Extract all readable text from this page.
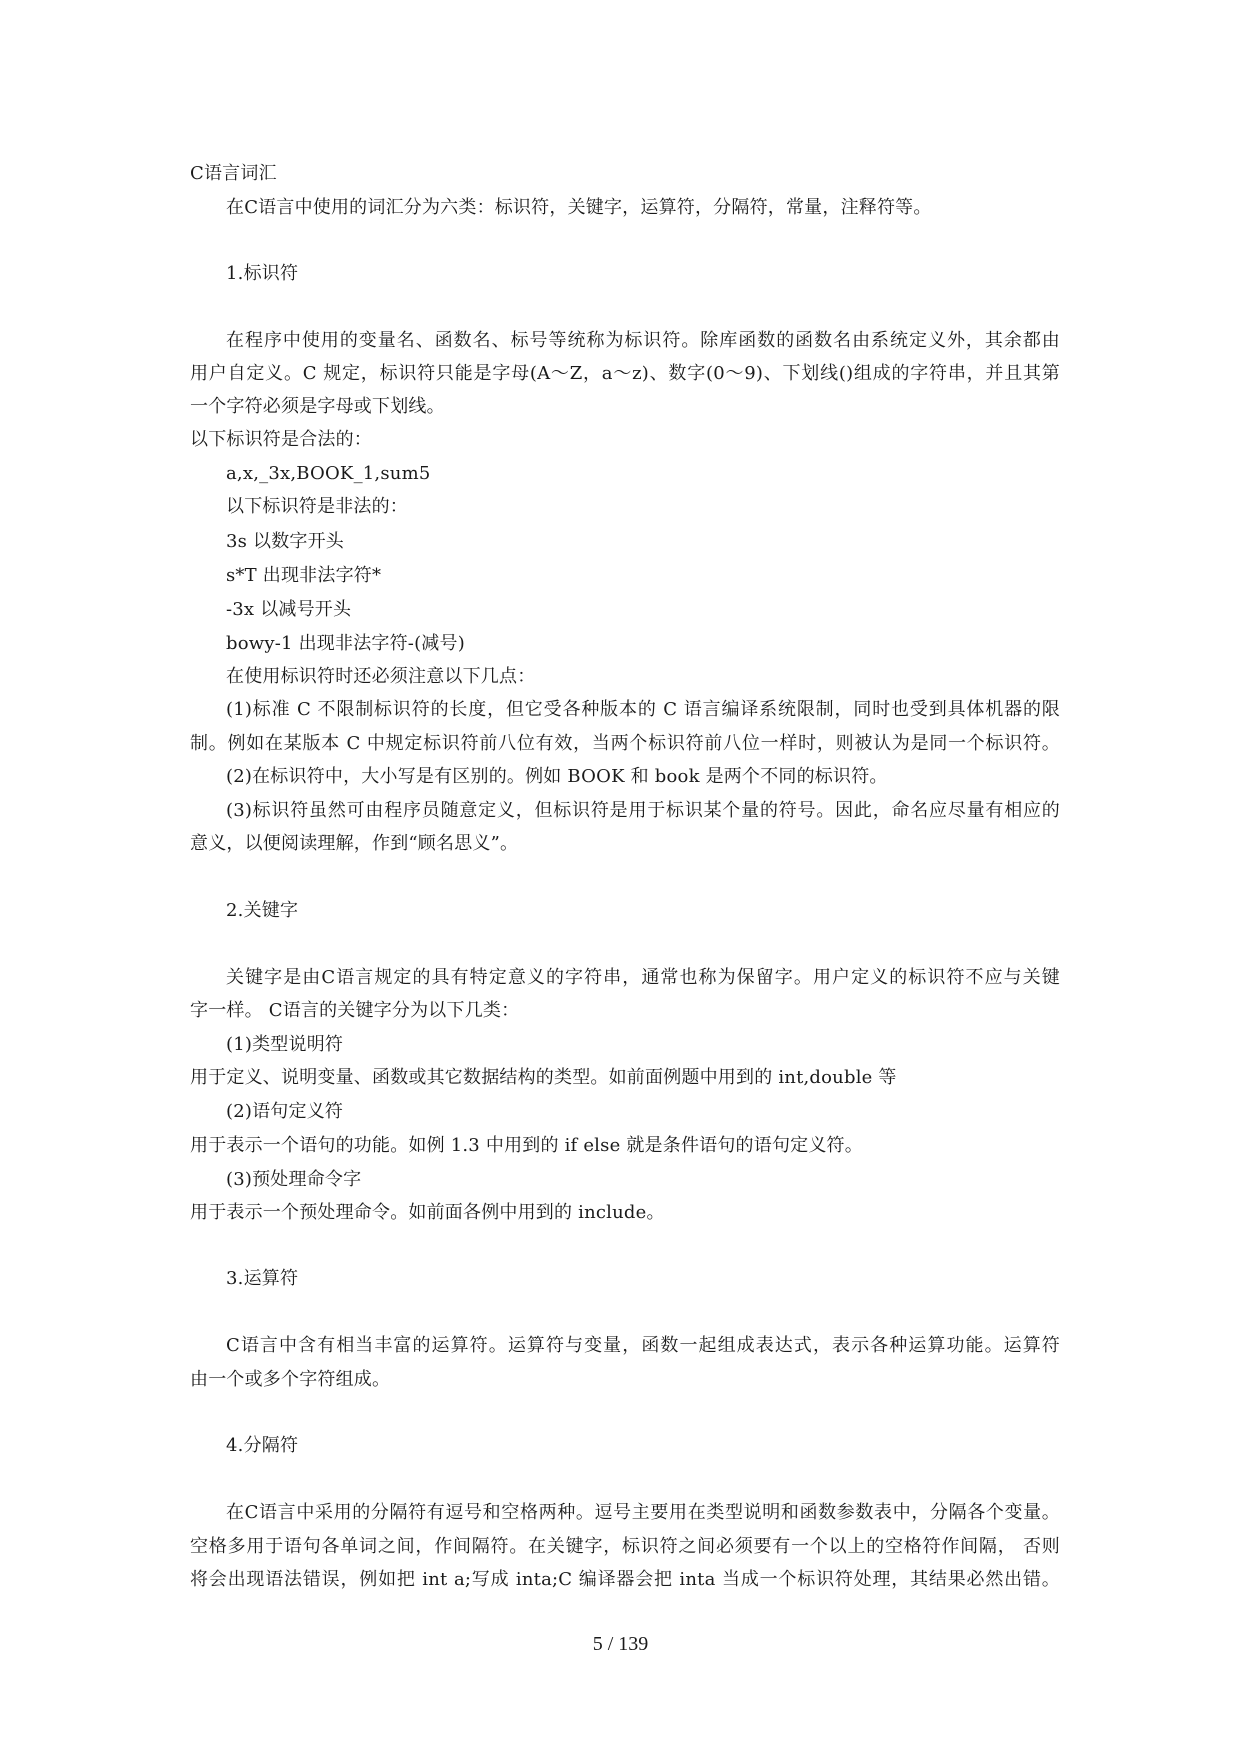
C语言词汇
在C语言中使用的词汇分为六类：标识符，关键字，运算符，分隔符，常量，注释符等。
1.标识符
在程序中使用的变量名、函数名、标号等统称为标识符。除库函数的函数名由系统定义外，其余都由
用户自定义。C 规定，标识符只能是字母(A～Z，a～z)、数字(0～9)、下划线()组成的字符串，并且其第
一个字符必须是字母或下划线。
以下标识符是合法的：
a,x,_3x,BOOK_1,sum5
以下标识符是非法的：
3s 以数字开头
s*T 出现非法字符*
-3x 以减号开头
bowy-1 出现非法字符-(减号)
在使用标识符时还必须注意以下几点：
(1)标准 C 不限制标识符的长度，但它受各种版本的 C 语言编译系统限制，同时也受到具体机器的限
制。例如在某版本 C 中规定标识符前八位有效，当两个标识符前八位一样时，则被认为是同一个标识符。
(2)在标识符中，大小写是有区别的。例如 BOOK 和 book 是两个不同的标识符。
(3)标识符虽然可由程序员随意定义，但标识符是用于标识某个量的符号。因此，命名应尽量有相应的
意义，以便阅读理解，作到“顾名思义”。
2.关键字
关键字是由C语言规定的具有特定意义的字符串，通常也称为保留字。用户定义的标识符不应与关键
字一样。 C语言的关键字分为以下几类：
(1)类型说明符
用于定义、说明变量、函数或其它数据结构的类型。如前面例题中用到的 int,double 等
(2)语句定义符
用于表示一个语句的功能。如例 1.3 中用到的 if else 就是条件语句的语句定义符。
(3)预处理命令字
用于表示一个预处理命令。如前面各例中用到的 include。
3.运算符
C语言中含有相当丰富的运算符。运算符与变量，函数一起组成表达式，表示各种运算功能。运算符
由一个或多个字符组成。
4.分隔符
在C语言中采用的分隔符有逗号和空格两种。逗号主要用在类型说明和函数参数表中，分隔各个变量。
空格多用于语句各单词之间，作间隔符。在关键字，标识符之间必须要有一个以上的空格符作间隔， 否则
将会出现语法错误，例如把 int a;写成 inta;C 编译器会把 inta 当成一个标识符处理，其结果必然出错。
5 / 139
